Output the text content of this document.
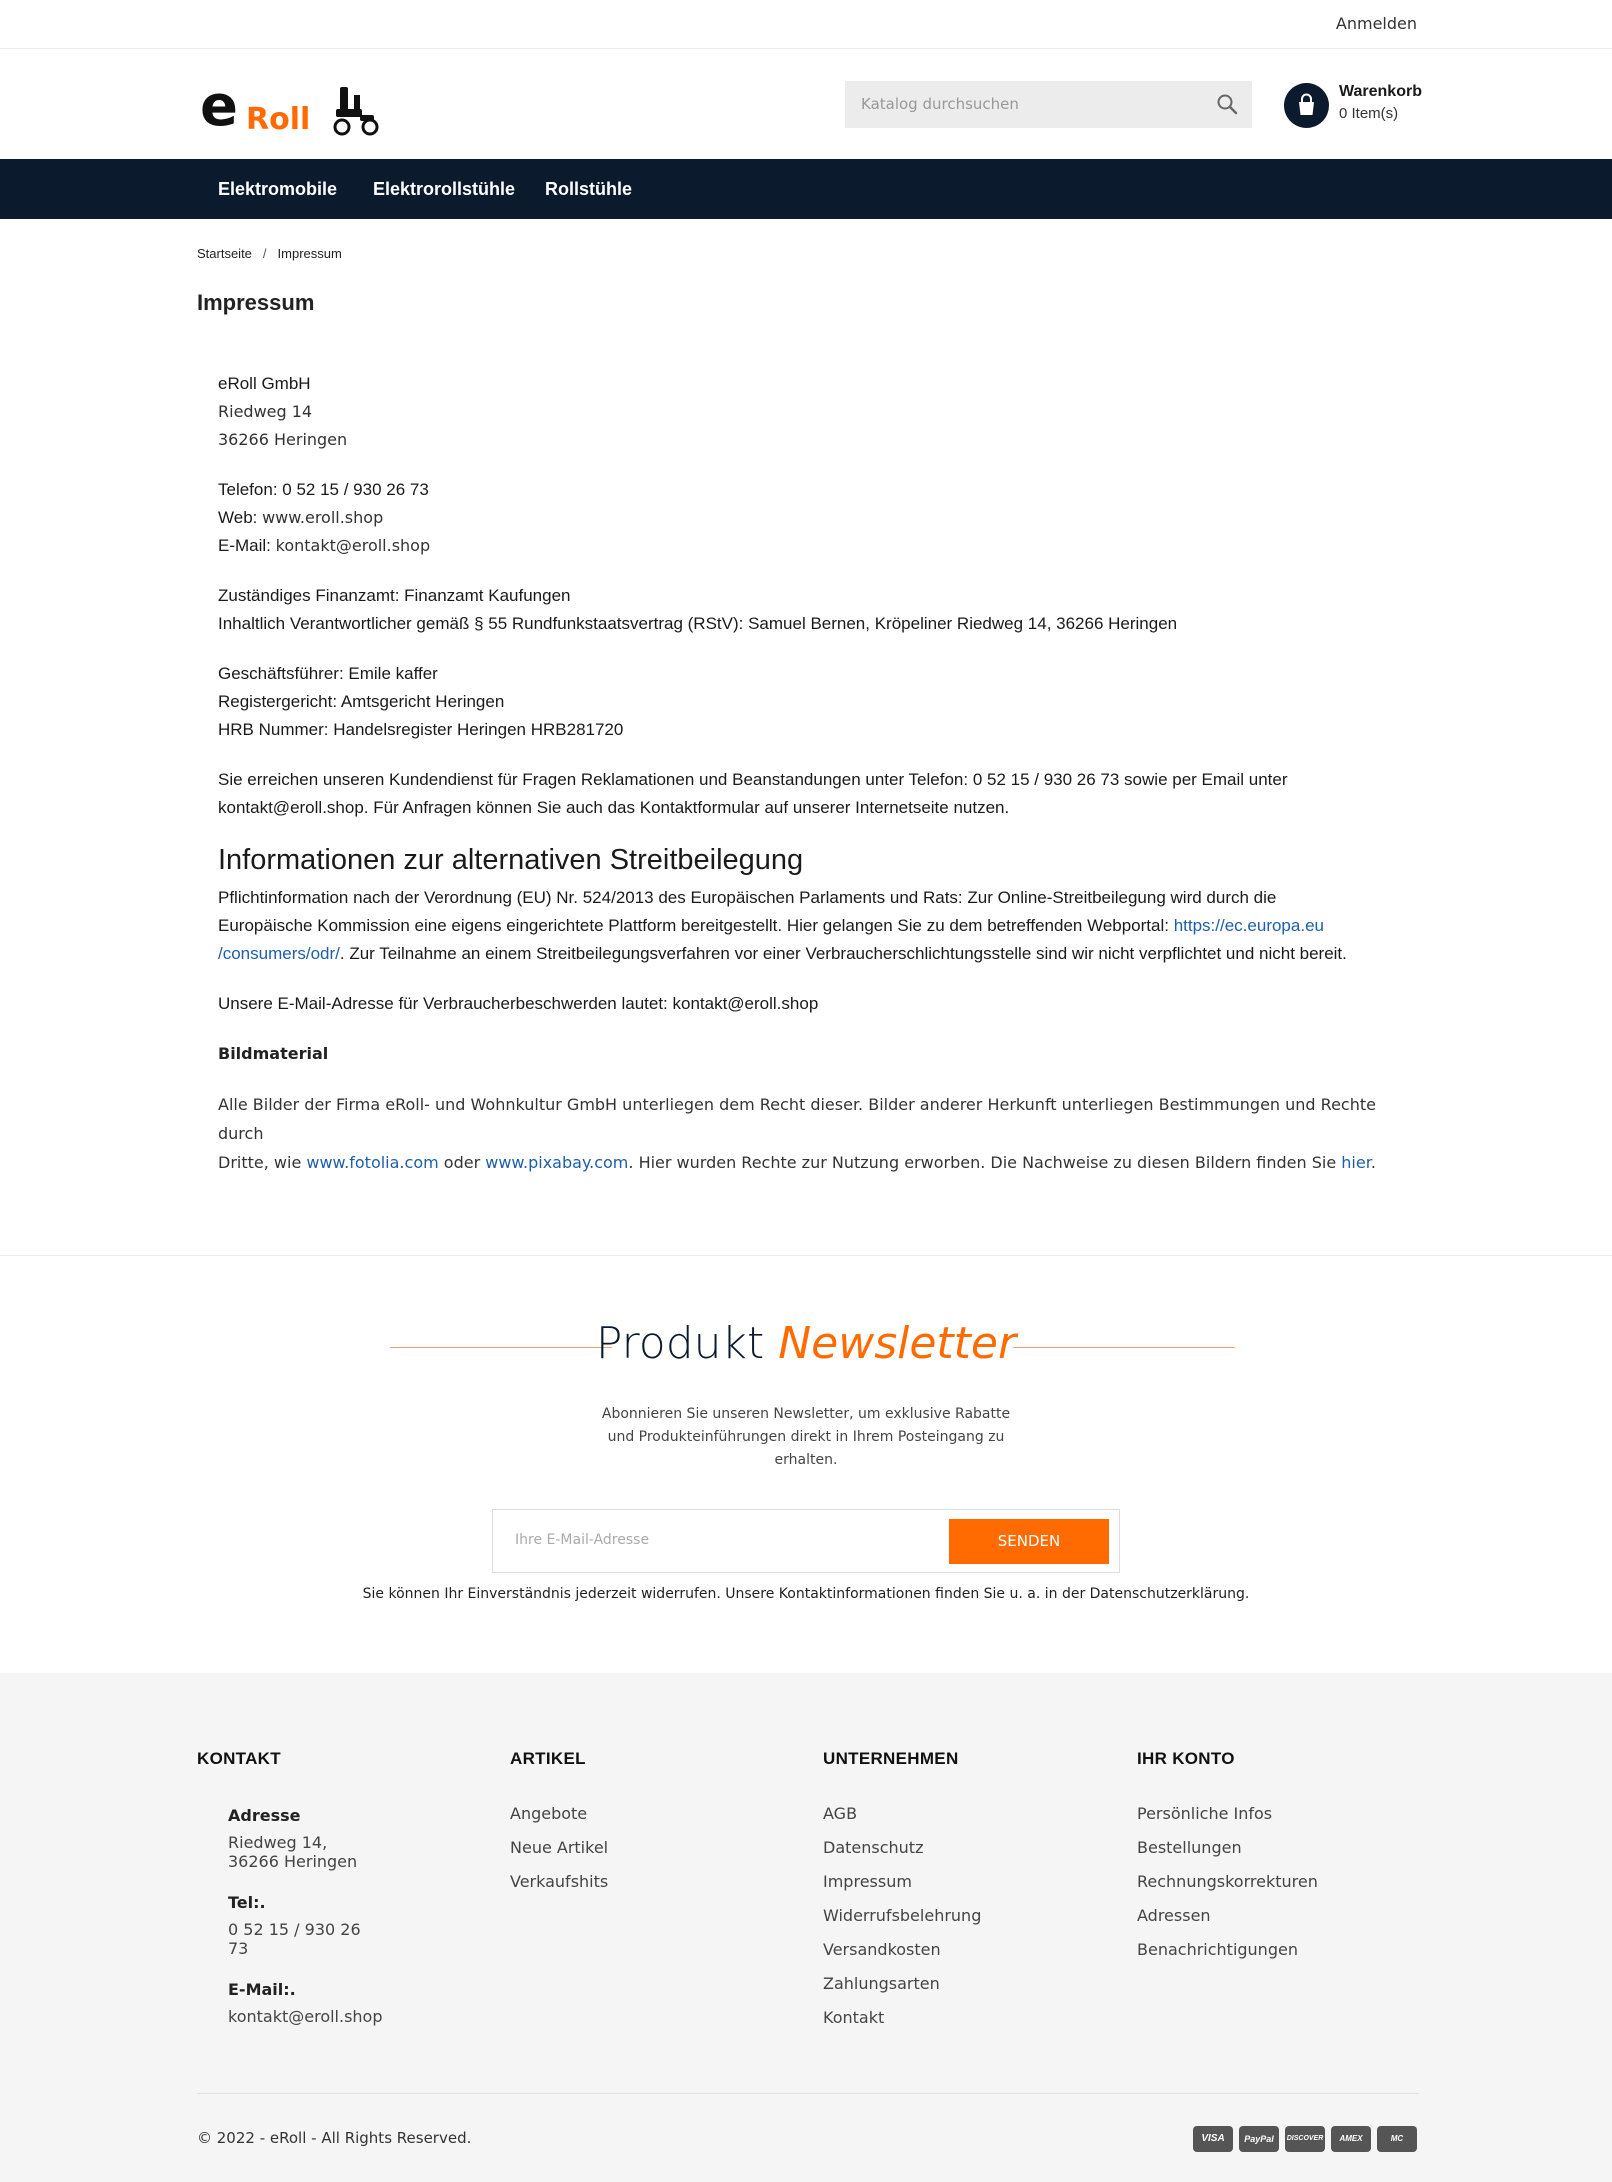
Anmelden
e Roll	Katalog durchsuchen
Warenkorb
0 Item(s)
Elektromobile Elektrorollstühle Rollstühle
Startseite / Impressum
Impressum

eRoll GmbH

Riedweg 14

36266 Heringen

Telefon: 0 52 15 / 930 26 73

Web: www.eroll.shop

E-Mail: kontakt@eroll.shop

Zuständiges Finanzamt: Finanzamt Kaufungen

Inhaltlich Verantwortlicher gemäß § 55 Rundfunkstaatsvertrag (RStV): Samuel Bernen, Kröpeliner Riedweg 14, 36266 Heringen

Geschäftsführer: Emile kaffer

Registergericht: Amtsgericht Heringen

HRB Nummer: Handelsregister Heringen HRB281720

Sie erreichen unseren Kundendienst für Fragen Reklamationen und Beanstandungen unter Telefon: 0 52 15 / 930 26 73 sowie per Email unter

kontakt@eroll.shop. Für Anfragen können Sie auch das Kontaktformular auf unserer Internetseite nutzen.

Informationen zur alternativen Streitbeilegung

Pflichtinformation nach der Verordnung (EU) Nr. 524/2013 des Europäischen Parlaments und Rats: Zur Online-Streitbeilegung wird durch die

Europäische Kommission eine eigens eingerichtete Plattform bereitgestellt. Hier gelangen Sie zu dem betreffenden Webportal: https://ec.europa.eu

/consumers/odr/. Zur Teilnahme an einem Streitbeilegungsverfahren vor einer Verbraucherschlichtungsstelle sind wir nicht verpflichtet und nicht bereit.

Unsere E-Mail-Adresse für Verbraucherbeschwerden lautet: kontakt@eroll.shop

Bildmaterial

Alle Bilder der Firma eRoll- und Wohnkultur GmbH unterliegen dem Recht dieser. Bilder anderer Herkunft unterliegen Bestimmungen und Rechte durch

Dritte, wie www.fotolia.com oder www.pixabay.com. Hier wurden Rechte zur Nutzung erworben. Die Nachweise zu diesen Bildern finden Sie hier.

Produkt Newsletter
Abonnieren Sie unseren Newsletter, um exklusive Rabatte und Produkteinführungen direkt in Ihrem Posteingang zu erhalten.
Ihre E-Mail-Adresse	SENDEN
Sie können Ihr Einverständnis jederzeit widerrufen. Unsere Kontaktinformationen finden Sie u. a. in der Datenschutzerklärung.
KONTAKT
Adresse
Riedweg 14, 36266 Heringen
Tel:.
0 52 15 / 930 26 73
E-Mail:.
kontakt@eroll.shop
ARTIKEL
Angebote
Neue Artikel
Verkaufshits
UNTERNEHMEN
AGB
Datenschutz
Impressum
Widerrufsbelehrung
Versandkosten
Zahlungsarten
Kontakt
IHR KONTO
Persönliche Infos
Bestellungen
Rechnungskorrekturen
Adressen
Benachrichtigungen
© 2022 - eRoll - All Rights Reserved.	VISA	PayPal	DISCOVER	AMEX	MC
